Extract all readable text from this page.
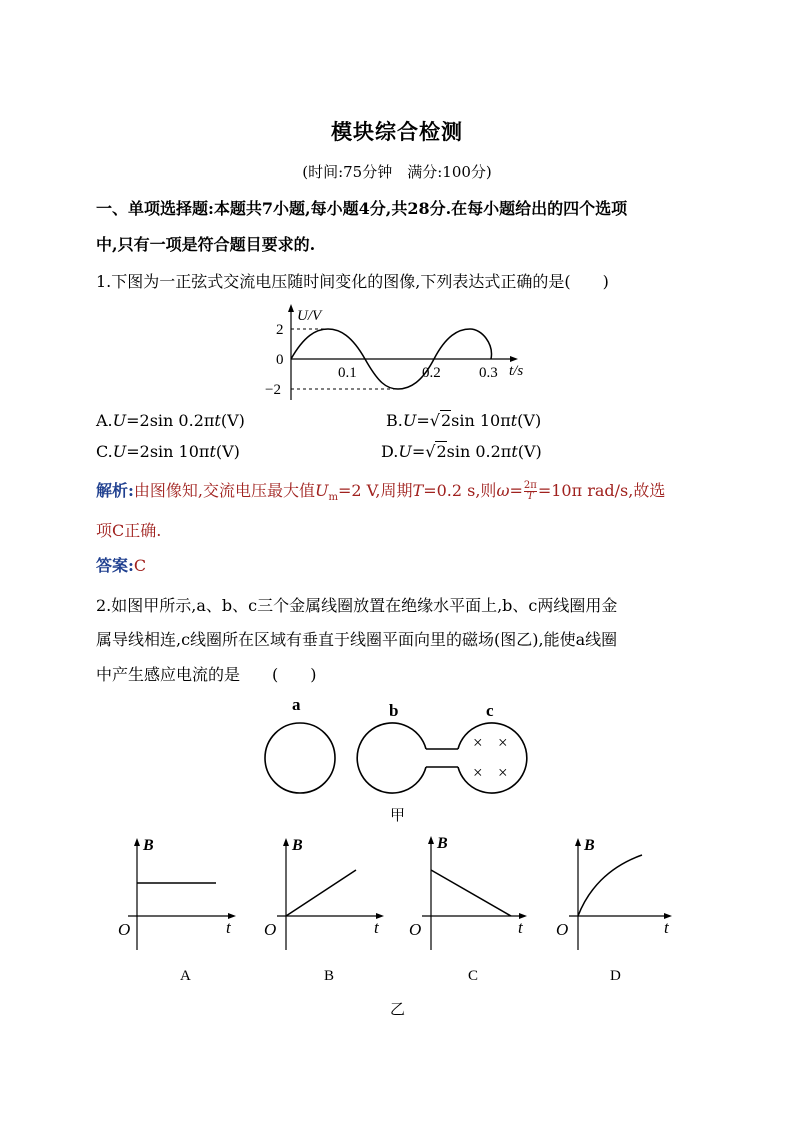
模块综合检测
(时间:75分钟　满分:100分)
一、单项选择题:本题共7小题,每小题4分,共28分.在每小题给出的四个选项
中,只有一项是符合题目要求的.
1.下图为一正弦式交流电压随时间变化的图像,下列表达式正确的是(　　)
U/V
2
0
−2
0.1	0.2	0.3 t/s
A.U=2sin 0.2πt(V)	B.U=√2sin 10πt(V)
C.U=2sin 10πt(V)	D.U=√2sin 0.2πt(V)
解析:由图像知,交流电压最大值$U_m=2$ V,周期T=0.2 s,则$\omega= \frac{2\pi}{T}=10\pi$ rad/s,故选
项C正确.
答案:C
2.如图甲所示,a、b、c三个金属线圈放置在绝缘水平面上,b、c两线圈用金
属导线相连,c线圈所在区域有垂直于线圈平面向里的磁场(图乙),能使a线圈
中产生感应电流的是　　(　　)
a	b	c
× ×
× ×
甲
B
t
O
A
B
t
O
B
B
t
O
C
B
t
O
D
乙
